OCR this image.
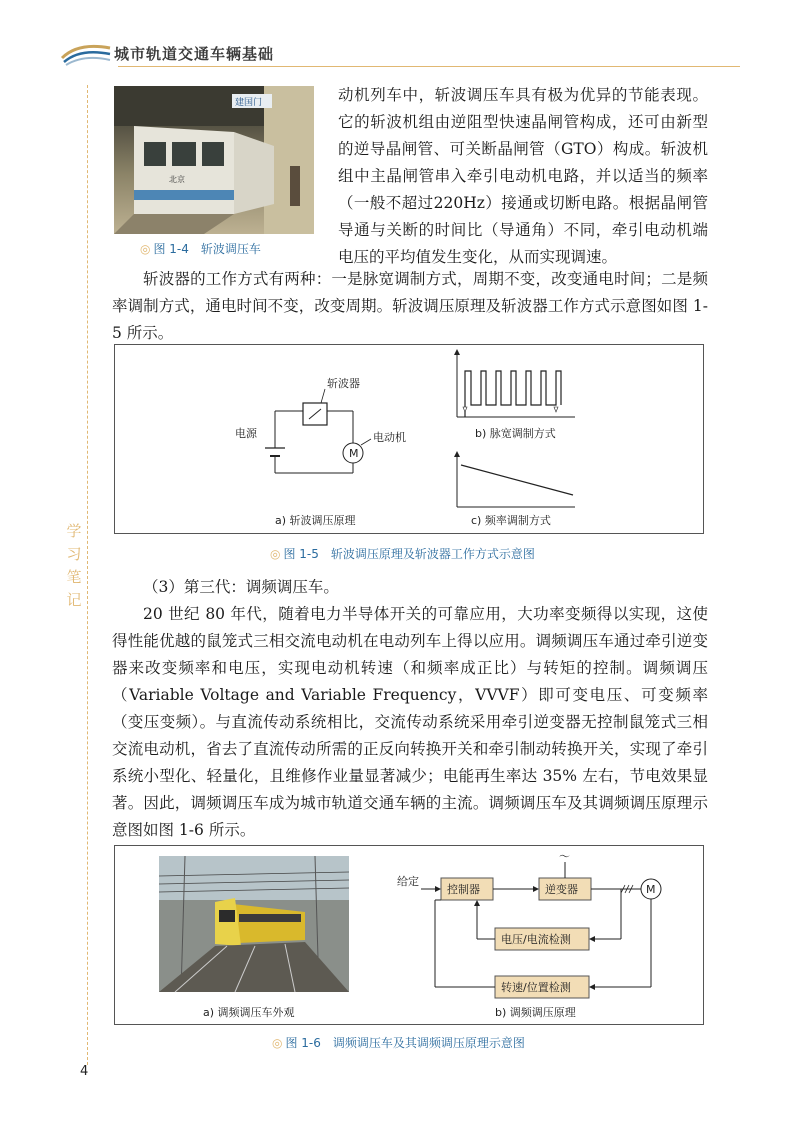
城市轨道交通车辆基础
学习笔记
建国门
北京
◎ 图 1-4　斩波调压车

动机列车中，斩波调压车具有极为优异的节能表现。它的斩波机组由逆阻型快速晶闸管构成，还可由新型的逆导晶闸管、可关断晶闸管（GTO）构成。斩波机组中主晶闸管串入牵引电动机电路，并以适当的频率（一般不超过220Hz）接通或切断电路。根据晶闸管导通与关断的时间比（导通角）不同，牵引电动机端电压的平均值发生变化，从而实现调速。

斩波器的工作方式有两种：一是脉宽调制方式，周期不变，改变通电时间；二是频率调制方式，通电时间不变，改变周期。斩波调压原理及斩波器工作方式示意图如图 1-5 所示。

M
斩波器
电源	电动机
a) 斩波调压原理
b) 脉宽调制方式
c) 频率调制方式
◎ 图 1-5　斩波调压原理及斩波器工作方式示意图

（3）第三代：调频调压车。

20 世纪 80 年代，随着电力半导体开关的可靠应用，大功率变频得以实现，这使得性能优越的鼠笼式三相交流电动机在电动列车上得以应用。调频调压车通过牵引逆变器来改变频率和电压，实现电动机转速（和频率成正比）与转矩的控制。调频调压（Variable Voltage and Variable Frequency，VVVF）即可变电压、可变频率（变压变频）。与直流传动系统相比，交流传动系统采用牵引逆变器无控制鼠笼式三相交流电动机，省去了直流传动所需的正反向转换开关和牵引制动转换开关，实现了牵引系统小型化、轻量化，且维修作业量显著减少；电能再生率达 35% 左右，节电效果显著。因此，调频调压车成为城市轨道交通车辆的主流。调频调压车及其调频调压原理示意图如图 1-6 所示。

a) 调频调压车外观
给定
控制器	逆变器
～
M
电压/电流检测
转速/位置检测
b) 调频调压原理
◎ 图 1-6　调频调压车及其调频调压原理示意图
4
